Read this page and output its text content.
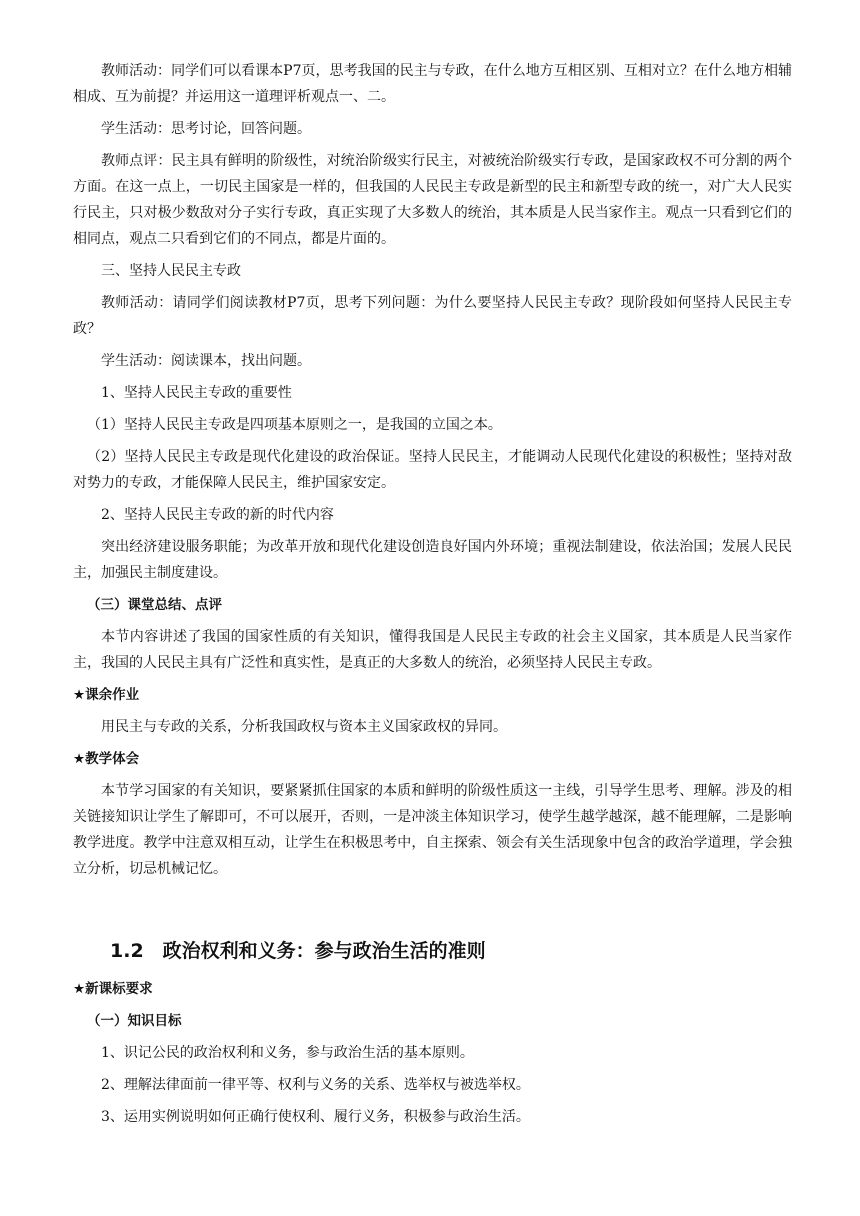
教师活动：同学们可以看课本P7页，思考我国的民主与专政，在什么地方互相区别、互相对立？在什么地方相辅相成、互为前提？并运用这一道理评析观点一、二。

学生活动：思考讨论，回答问题。

教师点评：民主具有鲜明的阶级性，对统治阶级实行民主，对被统治阶级实行专政，是国家政权不可分割的两个方面。在这一点上，一切民主国家是一样的，但我国的人民民主专政是新型的民主和新型专政的统一，对广大人民实行民主，只对极少数敌对分子实行专政，真正实现了大多数人的统治，其本质是人民当家作主。观点一只看到它们的相同点，观点二只看到它们的不同点，都是片面的。

三、坚持人民民主专政

教师活动：请同学们阅读教材P7页，思考下列问题：为什么要坚持人民民主专政？现阶段如何坚持人民民主专政？

学生活动：阅读课本，找出问题。

1、坚持人民民主专政的重要性

（1）坚持人民民主专政是四项基本原则之一，是我国的立国之本。

（2）坚持人民民主专政是现代化建设的政治保证。坚持人民民主，才能调动人民现代化建设的积极性；坚持对敌对势力的专政，才能保障人民民主，维护国家安定。

2、坚持人民民主专政的新的时代内容

突出经济建设服务职能；为改革开放和现代化建设创造良好国内外环境；重视法制建设，依法治国；发展人民民主，加强民主制度建设。

（三）课堂总结、点评

本节内容讲述了我国的国家性质的有关知识，懂得我国是人民民主专政的社会主义国家，其本质是人民当家作主，我国的人民民主具有广泛性和真实性，是真正的大多数人的统治，必须坚持人民民主专政。

★课余作业

用民主与专政的关系，分析我国政权与资本主义国家政权的异同。

★教学体会

本节学习国家的有关知识，要紧紧抓住国家的本质和鲜明的阶级性质这一主线，引导学生思考、理解。涉及的相关链接知识让学生了解即可，不可以展开，否则，一是冲淡主体知识学习，使学生越学越深，越不能理解，二是影响教学进度。教学中注意双相互动，让学生在积极思考中，自主探索、领会有关生活现象中包含的政治学道理，学会独立分析，切忌机械记忆。

1.2　政治权利和义务：参与政治生活的准则

★新课标要求

（一）知识目标

1、识记公民的政治权利和义务，参与政治生活的基本原则。

2、理解法律面前一律平等、权利与义务的关系、选举权与被选举权。

3、运用实例说明如何正确行使权利、履行义务，积极参与政治生活。
